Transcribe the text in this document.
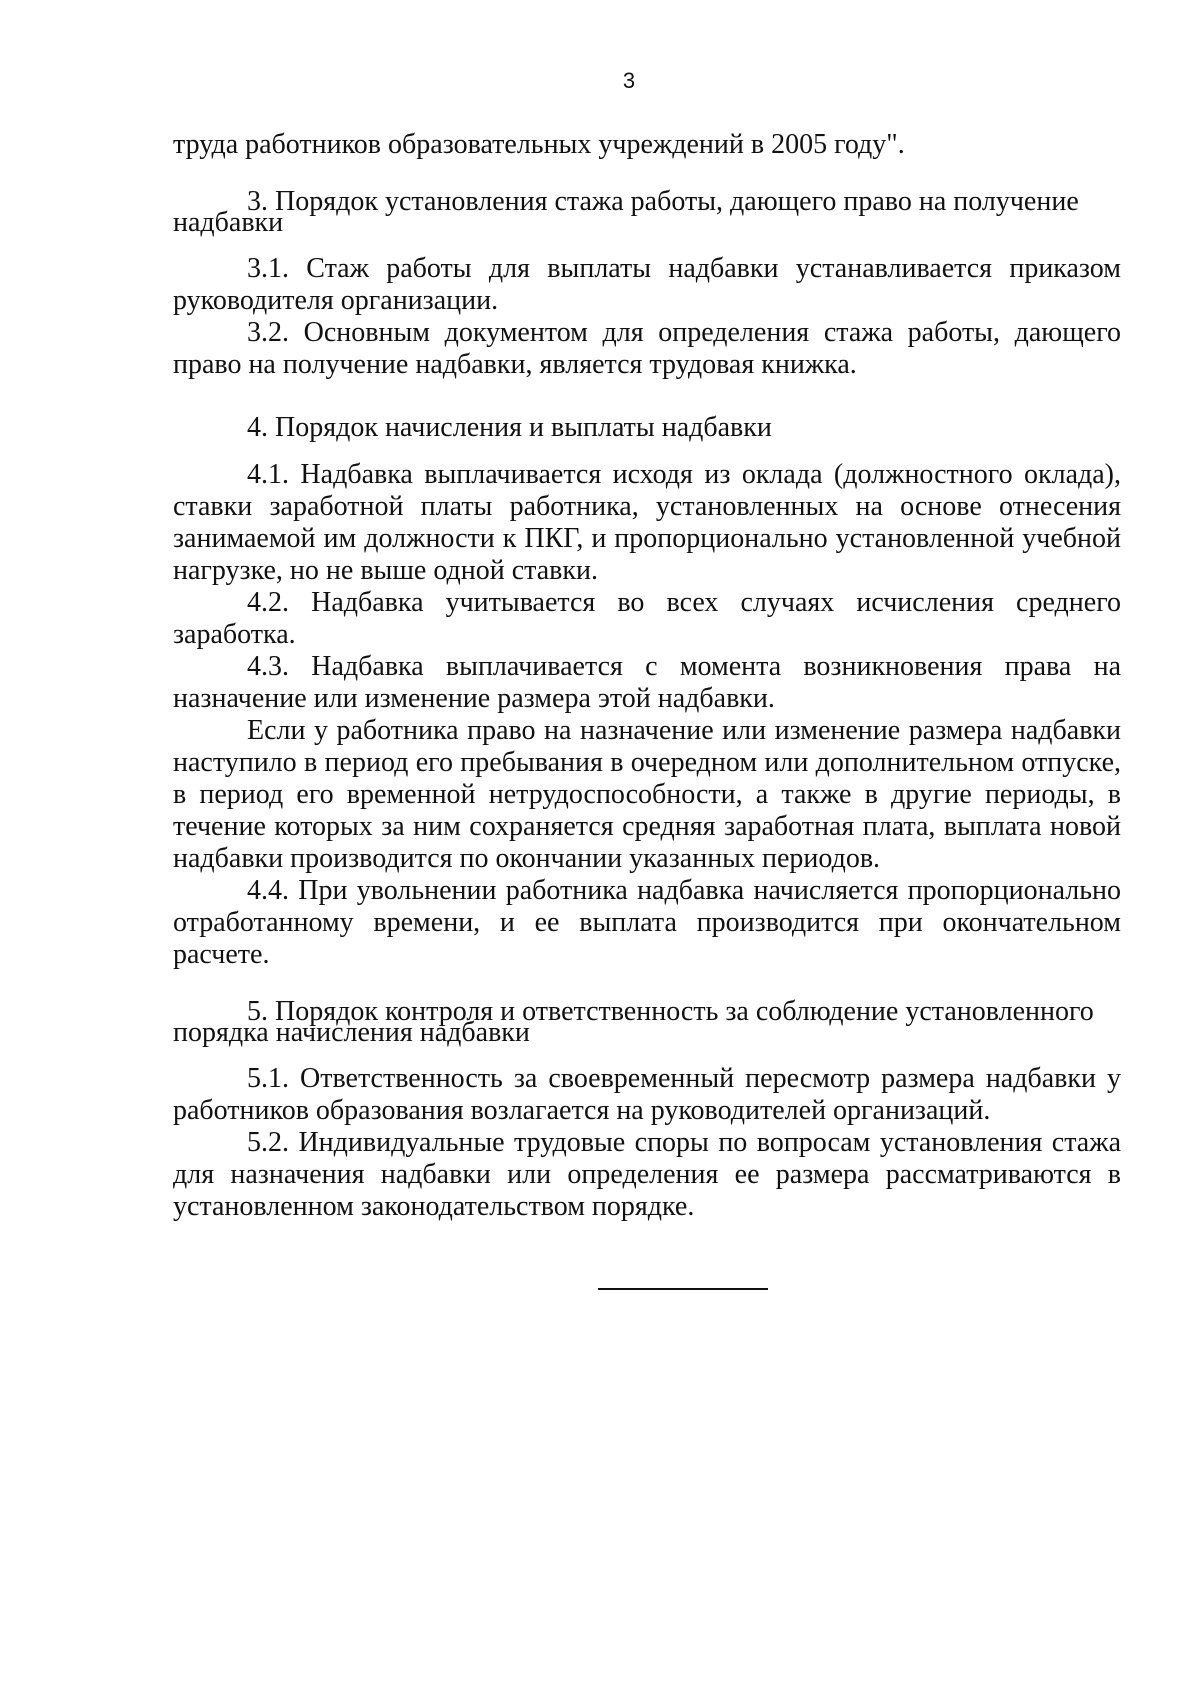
3

труда работников образовательных учреждений в 2005 году".

3. Порядок установления стажа работы, дающего право на получение надбавки

3.1. Стаж работы для выплаты надбавки устанавливается приказом руководителя организации.

3.2. Основным документом для определения стажа работы, дающего право на получение надбавки, является трудовая книжка.

4. Порядок начисления и выплаты надбавки

4.1. Надбавка выплачивается исходя из оклада (должностного оклада), ставки заработной платы работника, установленных на основе отнесения занимаемой им должности к ПКГ, и пропорционально установленной учебной нагрузке, но не выше одной ставки.

4.2. Надбавка учитывается во всех случаях исчисления среднего заработка.

4.3. Надбавка выплачивается с момента возникновения права на назначение или изменение размера этой надбавки.

Если у работника право на назначение или изменение размера надбавки наступило в период его пребывания в очередном или дополнительном отпуске, в период его временной нетрудоспособности, а также в другие периоды, в течение которых за ним сохраняется средняя заработная плата, выплата новой надбавки производится по окончании указанных периодов.

4.4. При увольнении работника надбавка начисляется пропорционально отработанному времени, и ее выплата производится при окончательном расчете.

5. Порядок контроля и ответственность за соблюдение установленного порядка начисления надбавки

5.1. Ответственность за своевременный пересмотр размера надбавки у работников образования возлагается на руководителей организаций.

5.2. Индивидуальные трудовые споры по вопросам установления стажа для назначения надбавки или определения ее размера рассматриваются в установленном законодательством порядке.
